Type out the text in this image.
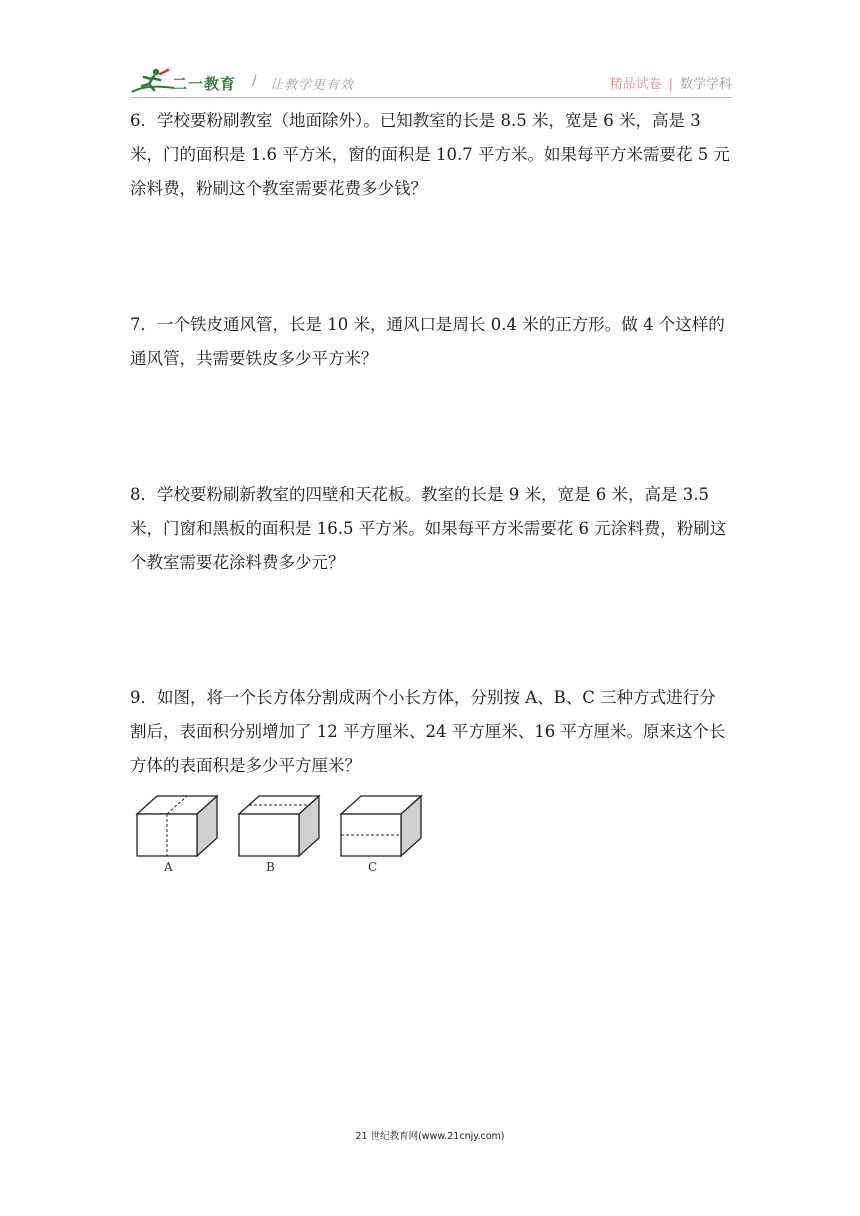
二一教育 / 让教学更有效	精品试卷 | 数学学科

6．学校要粉刷教室（地面除外）。已知教室的长是 8.5 米，宽是 6 米，高是 3 米，门的面积是 1.6 平方米，窗的面积是 10.7 平方米。如果每平方米需要花 5 元涂料费，粉刷这个教室需要花费多少钱？

7．一个铁皮通风管，长是 10 米，通风口是周长 0.4 米的正方形。做 4 个这样的通风管，共需要铁皮多少平方米？

8．学校要粉刷新教室的四壁和天花板。教室的长是 9 米，宽是 6 米，高是 3.5 米，门窗和黑板的面积是 16.5 平方米。如果每平方米需要花 6 元涂料费，粉刷这个教室需要花涂料费多少元？

9．如图，将一个长方体分割成两个小长方体，分别按 A、B、C 三种方式进行分割后，表面积分别增加了 12 平方厘米、24 平方厘米、16 平方厘米。原来这个长方体的表面积是多少平方厘米？

A	B	C
21 世纪教育网(www.21cnjy.com)
